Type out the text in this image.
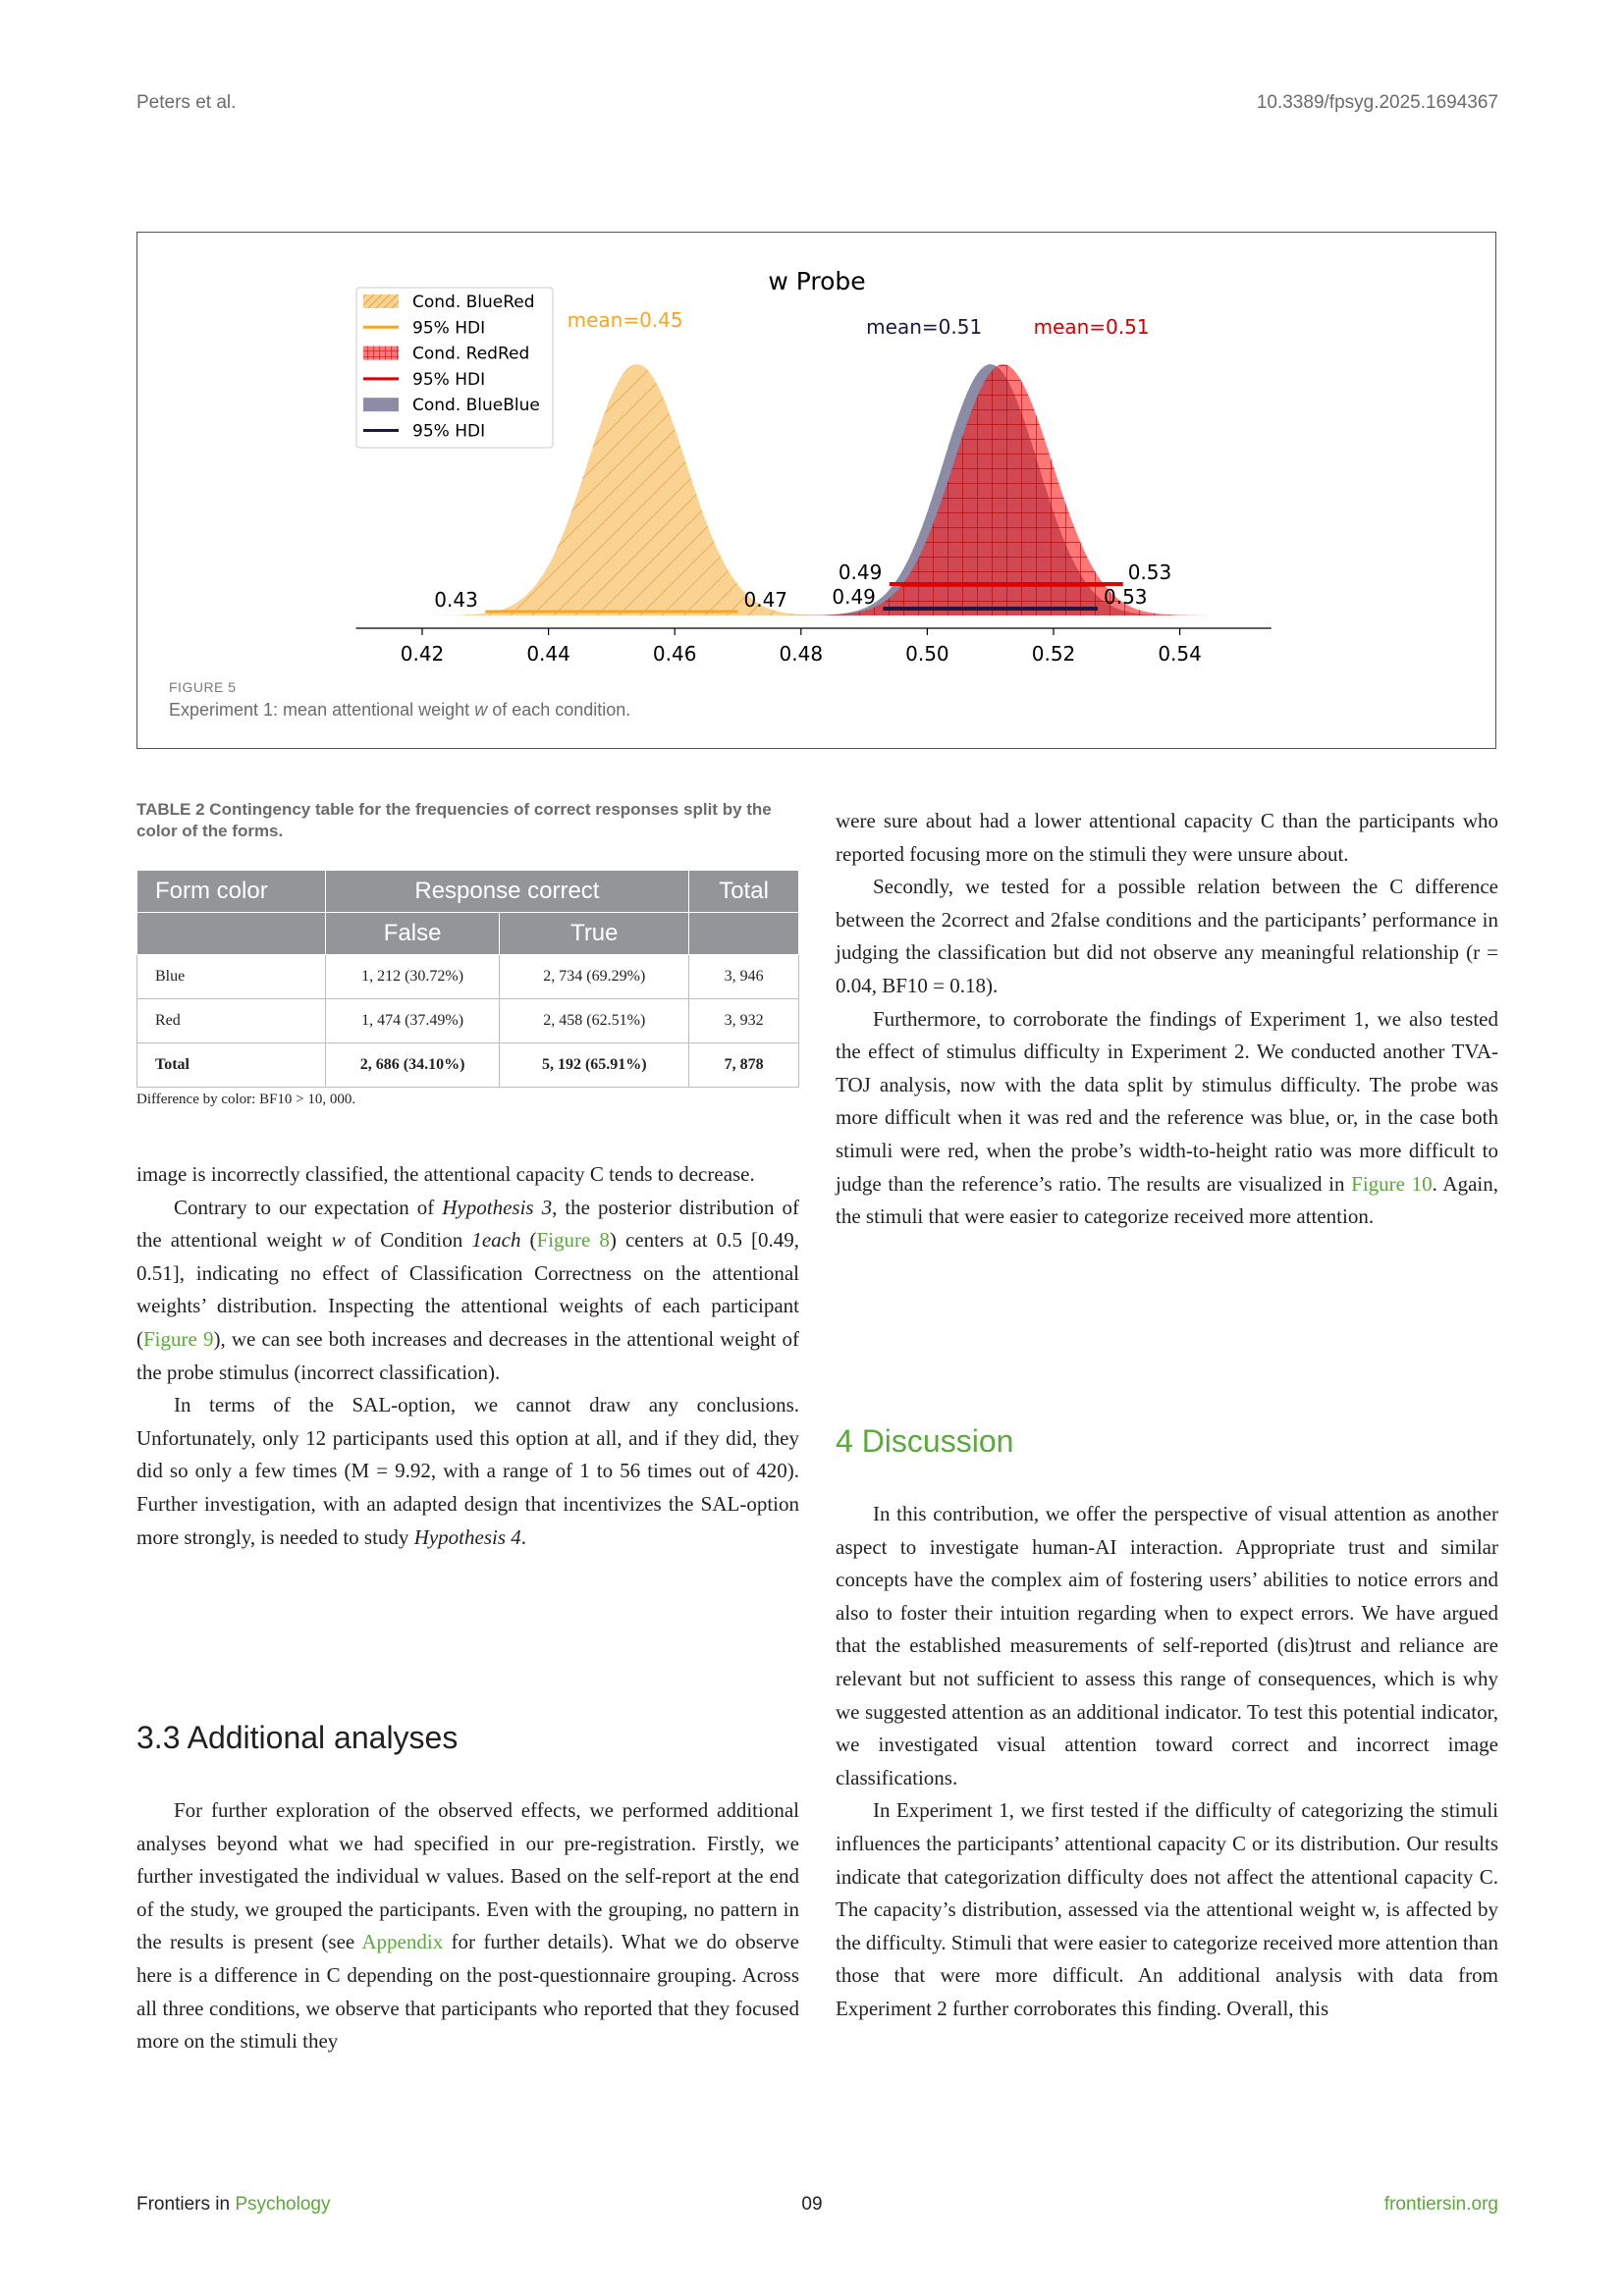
Peters et al.	10.3389/fpsyg.2025.1694367
w Probe
0.43	0.47
mean=0.45
0.49	0.53
mean=0.51
0.49	0.53
mean=0.51
0.42	0.44	0.46	0.48	0.50	0.52	0.54
Cond. BlueRed
95% HDI
Cond. RedRed
95% HDI
Cond. BlueBlue
95% HDI
FIGURE 5
Experiment 1: mean attentional weight w of each condition.
TABLE 2 Contingency table for the frequencies of correct responses split by the color of the forms.
Form color	Response correct		Total
	False	True	
Blue	1, 212 (30.72%)	2, 734 (69.29%)	3, 946
Red	1, 474 (37.49%)	2, 458 (62.51%)	3, 932
Total	2, 686 (34.10%)	5, 192 (65.91%)	7, 878
Difference by color: BF10 > 10, 000.

image is incorrectly classified, the attentional capacity C tends to decrease.

Contrary to our expectation of Hypothesis 3, the posterior distribution of the attentional weight w of Condition 1each (Figure 8) centers at 0.5 [0.49, 0.51], indicating no effect of Classification Correctness on the attentional weights’ distribution. Inspecting the attentional weights of each participant (Figure 9), we can see both increases and decreases in the attentional weight of the probe stimulus (incorrect classification).

In terms of the SAL-option, we cannot draw any conclusions. Unfortunately, only 12 participants used this option at all, and if they did, they did so only a few times (M = 9.92, with a range of 1 to 56 times out of 420). Further investigation, with an adapted design that incentivizes the SAL-option more strongly, is needed to study Hypothesis 4.

3.3 Additional analyses

For further exploration of the observed effects, we performed additional analyses beyond what we had specified in our pre-registration. Firstly, we further investigated the individual w values. Based on the self-report at the end of the study, we grouped the participants. Even with the grouping, no pattern in the results is present (see Appendix for further details). What we do observe here is a difference in C depending on the post-questionnaire grouping. Across all three conditions, we observe that participants who reported that they focused more on the stimuli they

were sure about had a lower attentional capacity C than the participants who reported focusing more on the stimuli they were unsure about.

Secondly, we tested for a possible relation between the C difference between the 2correct and 2false conditions and the participants’ performance in judging the classification but did not observe any meaningful relationship (r = 0.04, BF10 = 0.18).

Furthermore, to corroborate the findings of Experiment 1, we also tested the effect of stimulus difficulty in Experiment 2. We conducted another TVA-TOJ analysis, now with the data split by stimulus difficulty. The probe was more difficult when it was red and the reference was blue, or, in the case both stimuli were red, when the probe’s width-to-height ratio was more difficult to judge than the reference’s ratio. The results are visualized in Figure 10. Again, the stimuli that were easier to categorize received more attention.

4 Discussion

In this contribution, we offer the perspective of visual attention as another aspect to investigate human-AI interaction. Appropriate trust and similar concepts have the complex aim of fostering users’ abilities to notice errors and also to foster their intuition regarding when to expect errors. We have argued that the established measurements of self-reported (dis)trust and reliance are relevant but not sufficient to assess this range of consequences, which is why we suggested attention as an additional indicator. To test this potential indicator, we investigated visual attention toward correct and incorrect image classifications.

In Experiment 1, we first tested if the difficulty of categorizing the stimuli influences the participants’ attentional capacity C or its distribution. Our results indicate that categorization difficulty does not affect the attentional capacity C. The capacity’s distribution, assessed via the attentional weight w, is affected by the difficulty. Stimuli that were easier to categorize received more attention than those that were more difficult. An additional analysis with data from Experiment 2 further corroborates this finding. Overall, this

Frontiers in Psychology	09	frontiersin.org
